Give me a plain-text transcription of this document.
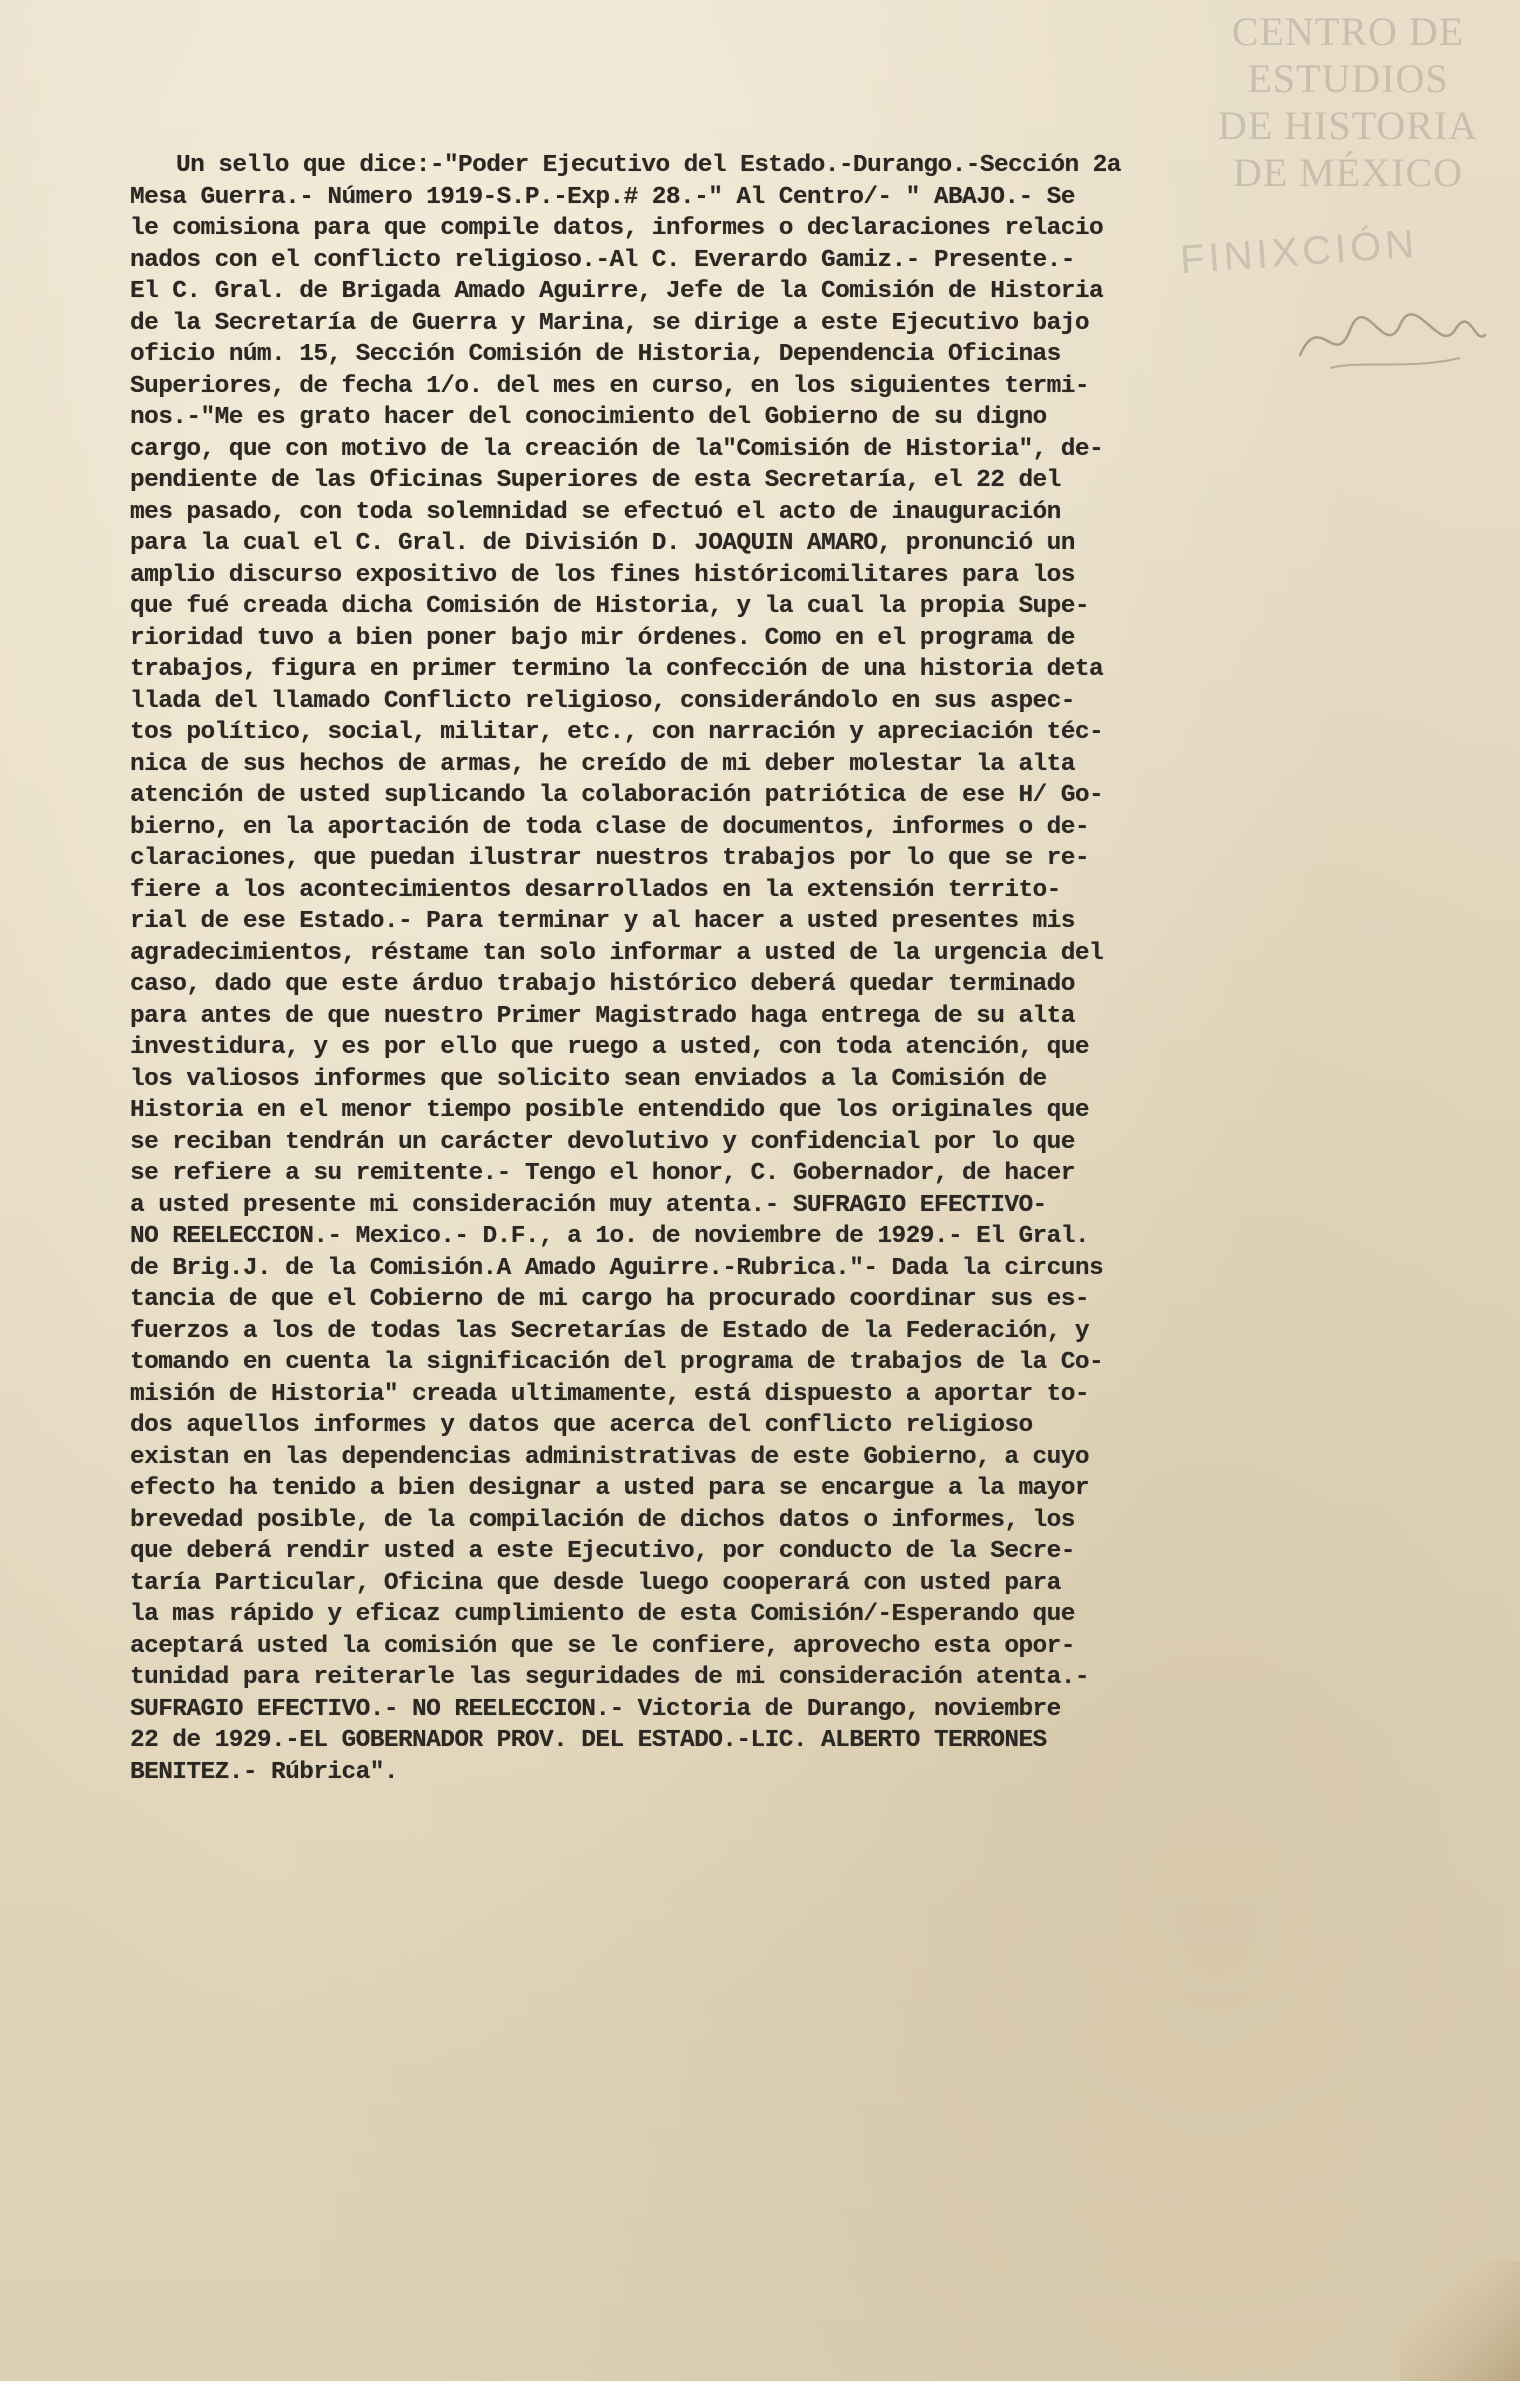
CENTRO DE
ESTUDIOS
DE HISTORIA
DE MÉXICO
FINIXCIÓN
Un sello que dice:-"Poder Ejecutivo del Estado.-Durango.-Sección 2a
Mesa Guerra.- Número 1919-S.P.-Exp.# 28.-" Al Centro/- " ABAJO.- Se
le comisiona para que compile datos, informes o declaraciones relacio
nados con el conflicto religioso.-Al C. Everardo Gamiz.- Presente.-
El C. Gral. de Brigada Amado Aguirre, Jefe de la Comisión de Historia
de la Secretaría de Guerra y Marina, se dirige a este Ejecutivo bajo
oficio núm. 15, Sección Comisión de Historia, Dependencia Oficinas
Superiores, de fecha 1/o. del mes en curso, en los siguientes termi-
nos.-"Me es grato hacer del conocimiento del Gobierno de su digno
cargo, que con motivo de la creación de la"Comisión de Historia", de-
pendiente de las Oficinas Superiores de esta Secretaría, el 22 del
mes pasado, con toda solemnidad se efectuó el acto de inauguración
para la cual el C. Gral. de División D. JOAQUIN AMARO, pronunció un
amplio discurso expositivo de los fines históricomilitares para los
que fué creada dicha Comisión de Historia, y la cual la propia Supe-
rioridad tuvo a bien poner bajo mir órdenes. Como en el programa de
trabajos, figura en primer termino la confección de una historia deta
llada del llamado Conflicto religioso, considerándolo en sus aspec-
tos político, social, militar, etc., con narración y apreciación téc-
nica de sus hechos de armas, he creído de mi deber molestar la alta
atención de usted suplicando la colaboración patriótica de ese H/ Go-
bierno, en la aportación de toda clase de documentos, informes o de-
claraciones, que puedan ilustrar nuestros trabajos por lo que se re-
fiere a los acontecimientos desarrollados en la extensión territo-
rial de ese Estado.- Para terminar y al hacer a usted presentes mis
agradecimientos, réstame tan solo informar a usted de la urgencia del
caso, dado que este árduo trabajo histórico deberá quedar terminado
para antes de que nuestro Primer Magistrado haga entrega de su alta
investidura, y es por ello que ruego a usted, con toda atención, que
los valiosos informes que solicito sean enviados a la Comisión de
Historia en el menor tiempo posible entendido que los originales que
se reciban tendrán un carácter devolutivo y confidencial por lo que
se refiere a su remitente.- Tengo el honor, C. Gobernador, de hacer
a usted presente mi consideración muy atenta.- SUFRAGIO EFECTIVO-
NO REELECCION.- Mexico.- D.F., a 1o. de noviembre de 1929.- El Gral.
de Brig.J. de la Comisión.A Amado Aguirre.-Rubrica."- Dada la circuns
tancia de que el Cobierno de mi cargo ha procurado coordinar sus es-
fuerzos a los de todas las Secretarías de Estado de la Federación, y
tomando en cuenta la significación del programa de trabajos de la Co-
misión de Historia" creada ultimamente, está dispuesto a aportar to-
dos aquellos informes y datos que acerca del conflicto religioso
existan en las dependencias administrativas de este Gobierno, a cuyo
efecto ha tenido a bien designar a usted para se encargue a la mayor
brevedad posible, de la compilación de dichos datos o informes, los
que deberá rendir usted a este Ejecutivo, por conducto de la Secre-
taría Particular, Oficina que desde luego cooperará con usted para
la mas rápido y eficaz cumplimiento de esta Comisión/-Esperando que
aceptará usted la comisión que se le confiere, aprovecho esta opor-
tunidad para reiterarle las seguridades de mi consideración atenta.-
SUFRAGIO EFECTIVO.- NO REELECCION.- Victoria de Durango, noviembre
22 de 1929.-EL GOBERNADOR PROV. DEL ESTADO.-LIC. ALBERTO TERRONES
BENITEZ.- Rúbrica".
